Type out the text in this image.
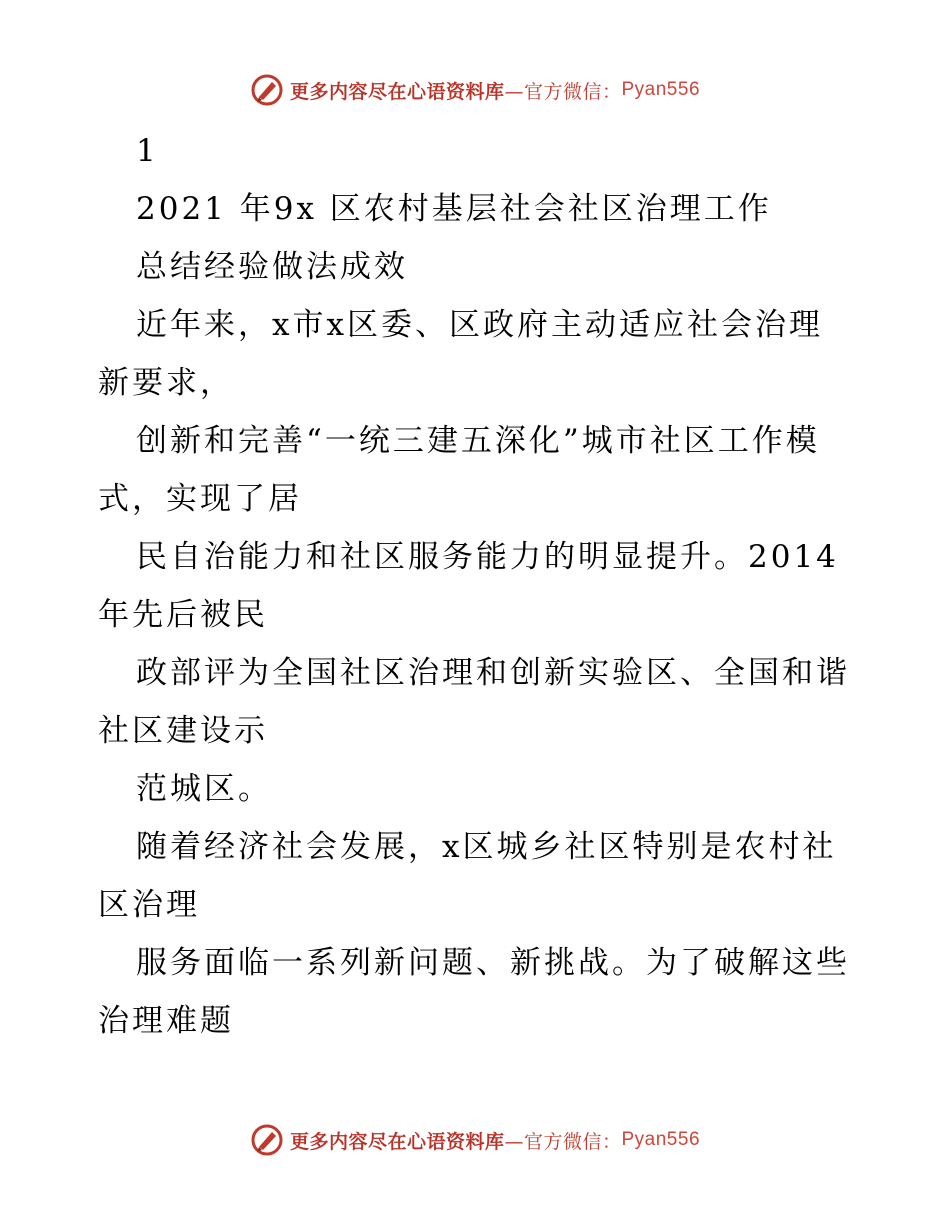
更多内容尽在心语资料库 —官方微信： Pyan556
1
2021 年9x 区农村基层社会社区治理工作
总结经验做法成效
近年来，x市x区委、区政府主动适应社会治理
新要求，
创新和完善“一统三建五深化”城市社区工作模
式，实现了居
民自治能力和社区服务能力的明显提升。2014
年先后被民
政部评为全国社区治理和创新实验区、全国和谐
社区建设示
范城区。
随着经济社会发展，x区城乡社区特别是农村社
区治理
服务面临一系列新问题、新挑战。为了破解这些
治理难题
更多内容尽在心语资料库 —官方微信： Pyan556
